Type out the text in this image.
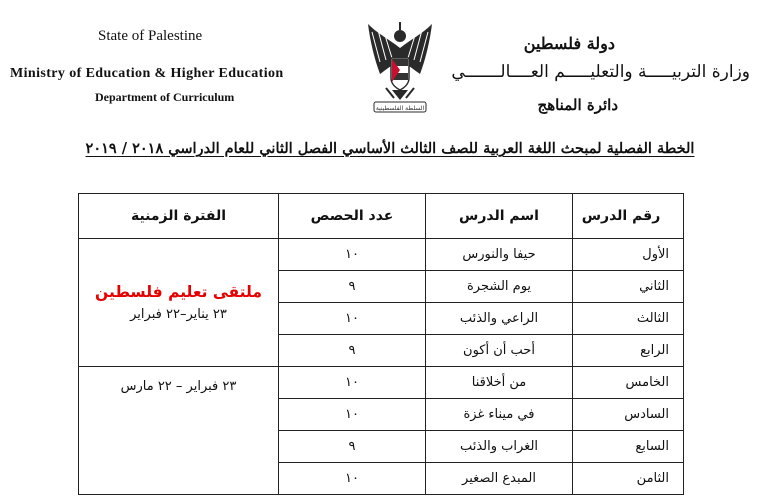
State of Palestine
Ministry of Education & Higher Education
Department of Curriculum
دولة فلسطين
وزارة التربيـــــة والتعليـــــم العــــالـــــــي
دائرة المناهج
السلطة الفلسطينية
الخطة الفصلية لمبحث اللغة العربية للصف الثالث الأساسي الفصل الثاني للعام الدراسي ٢٠١٨ / ٢٠١٩
رقم الدرس	اسم الدرس	عدد الحصص	الفترة الزمنية
الأول	حيفا والنورس	١٠	ملتقى تعليم فلسطين
٢٣ يناير–٢٢ فبراير

الثاني	يوم الشجرة	٩	
الثالث	الراعي والذئب	١٠	
الرابع	أحب أن أكون	٩	
الخامس	من أخلاقنا	١٠	٢٣ فبراير – ٢٢ مارس

السادس	في ميناء غزة	١٠	
السابع	الغراب والذئب	٩	
الثامن	المبدع الصغير	١٠	
